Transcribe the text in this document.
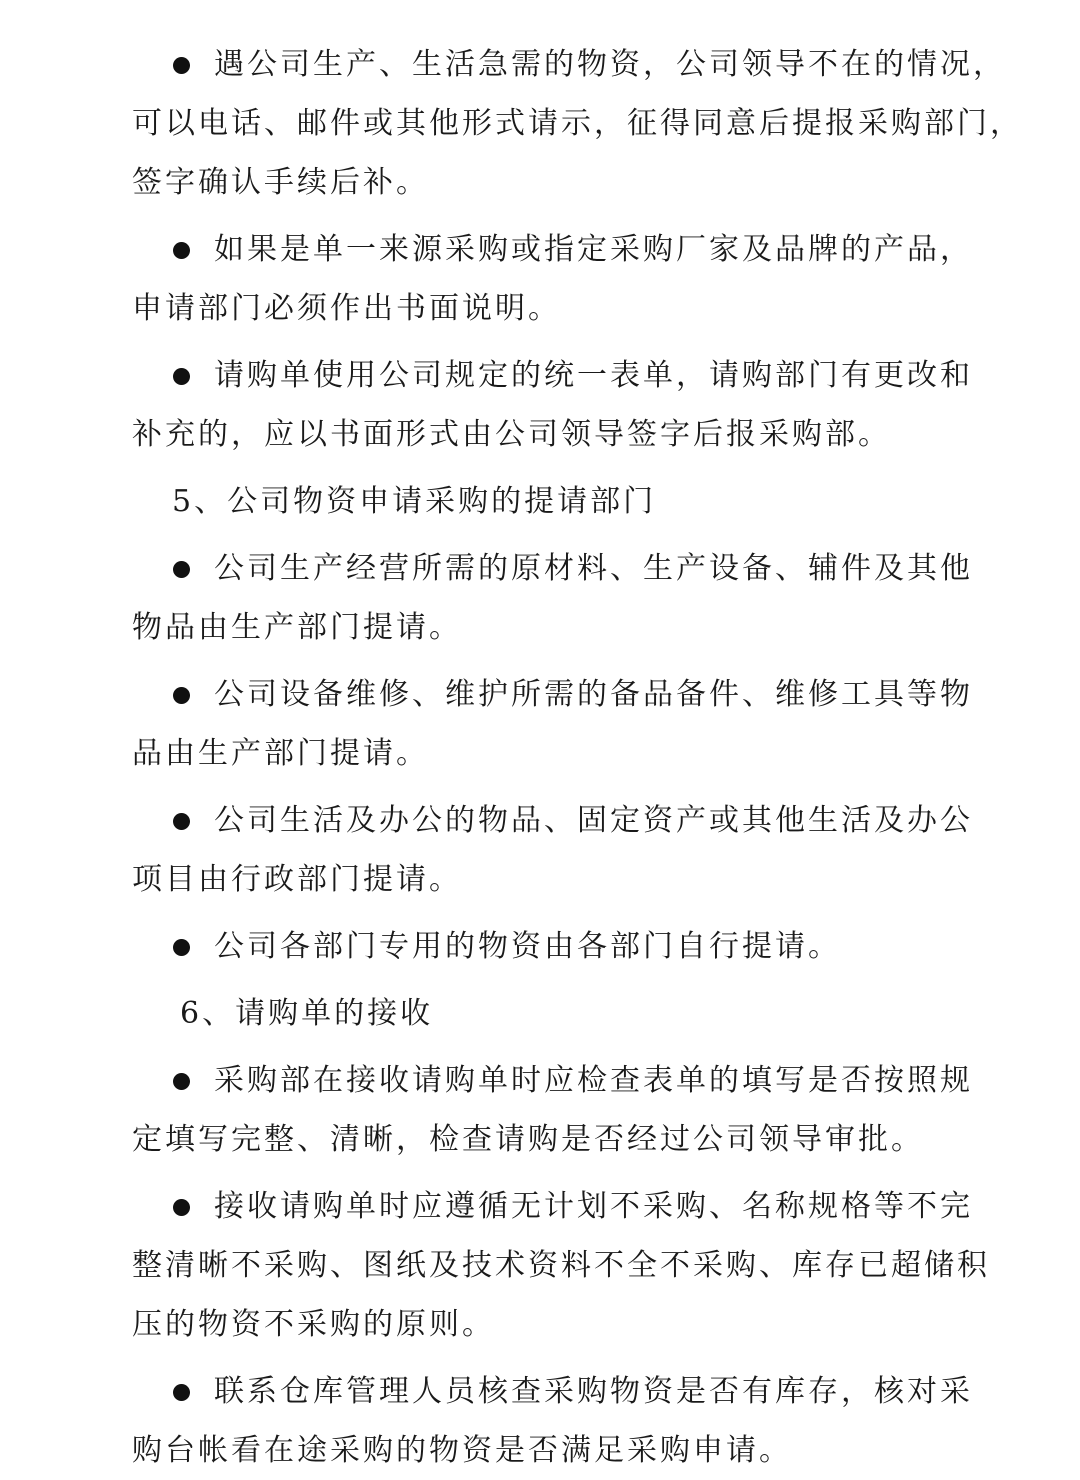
遇公司生产、生活急需的物资，公司领导不在的情况，
可以电话、邮件或其他形式请示，征得同意后提报采购部门，
签字确认手续后补。
如果是单一来源采购或指定采购厂家及品牌的产品，
申请部门必须作出书面说明。
请购单使用公司规定的统一表单，请购部门有更改和
补充的，应以书面形式由公司领导签字后报采购部。
5、公司物资申请采购的提请部门
公司生产经营所需的原材料、生产设备、辅件及其他
物品由生产部门提请。
公司设备维修、维护所需的备品备件、维修工具等物
品由生产部门提请。
公司生活及办公的物品、固定资产或其他生活及办公
项目由行政部门提请。
公司各部门专用的物资由各部门自行提请。
6、请购单的接收
采购部在接收请购单时应检查表单的填写是否按照规
定填写完整、清晰，检查请购是否经过公司领导审批。
接收请购单时应遵循无计划不采购、名称规格等不完
整清晰不采购、图纸及技术资料不全不采购、库存已超储积
压的物资不采购的原则。
联系仓库管理人员核查采购物资是否有库存，核对采
购台帐看在途采购的物资是否满足采购申请。
